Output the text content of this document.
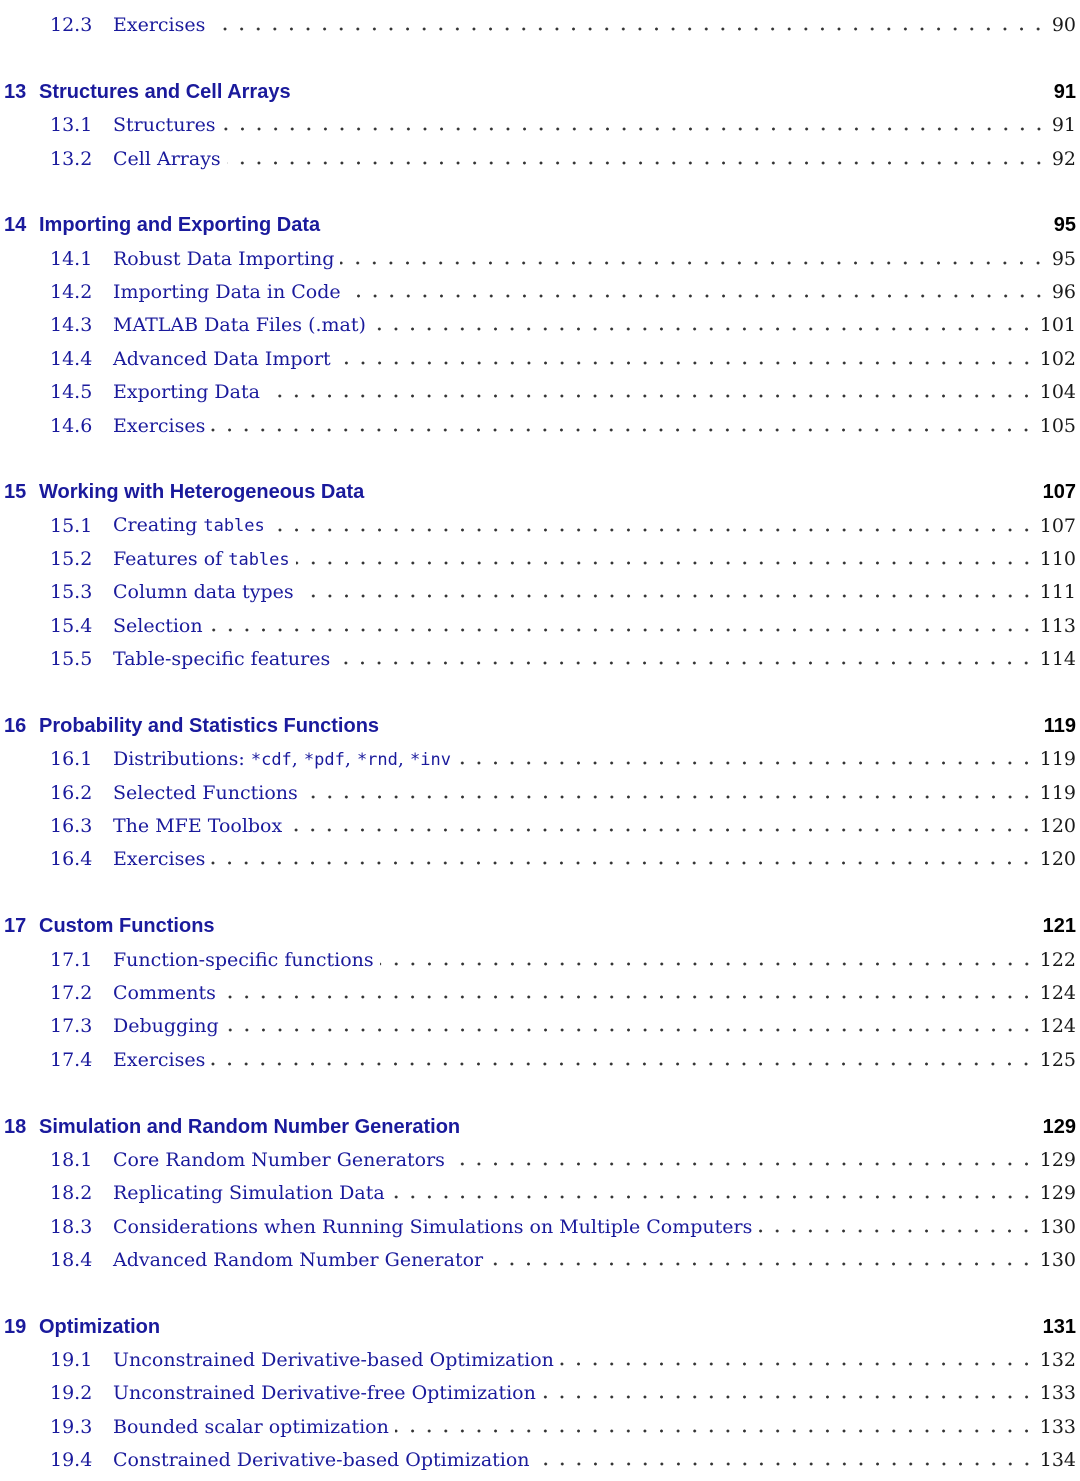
12.3 Exercises	90
13 Structures and Cell Arrays	91
13.1 Structures	91
13.2 Cell Arrays	92
14 Importing and Exporting Data	95
14.1 Robust Data Importing	95
14.2 Importing Data in Code	96
14.3 MATLAB Data Files (.mat)	101
14.4 Advanced Data Import	102
14.5 Exporting Data	104
14.6 Exercises	105
15 Working with Heterogeneous Data	107
15.1 Creating tables	107
15.2 Features of tables	110
15.3 Column data types	111
15.4 Selection	113
15.5 Table-specific features	114
16 Probability and Statistics Functions	119
16.1 Distributions: *cdf, *pdf, *rnd, *inv	119
16.2 Selected Functions	119
16.3 The MFE Toolbox	120
16.4 Exercises	120
17 Custom Functions	121
17.1 Function-specific functions	122
17.2 Comments	124
17.3 Debugging	124
17.4 Exercises	125
18 Simulation and Random Number Generation	129
18.1 Core Random Number Generators	129
18.2 Replicating Simulation Data	129
18.3 Considerations when Running Simulations on Multiple Computers	130
18.4 Advanced Random Number Generator	130
19 Optimization	131
19.1 Unconstrained Derivative-based Optimization	132
19.2 Unconstrained Derivative-free Optimization	133
19.3 Bounded scalar optimization	133
19.4 Constrained Derivative-based Optimization	134
